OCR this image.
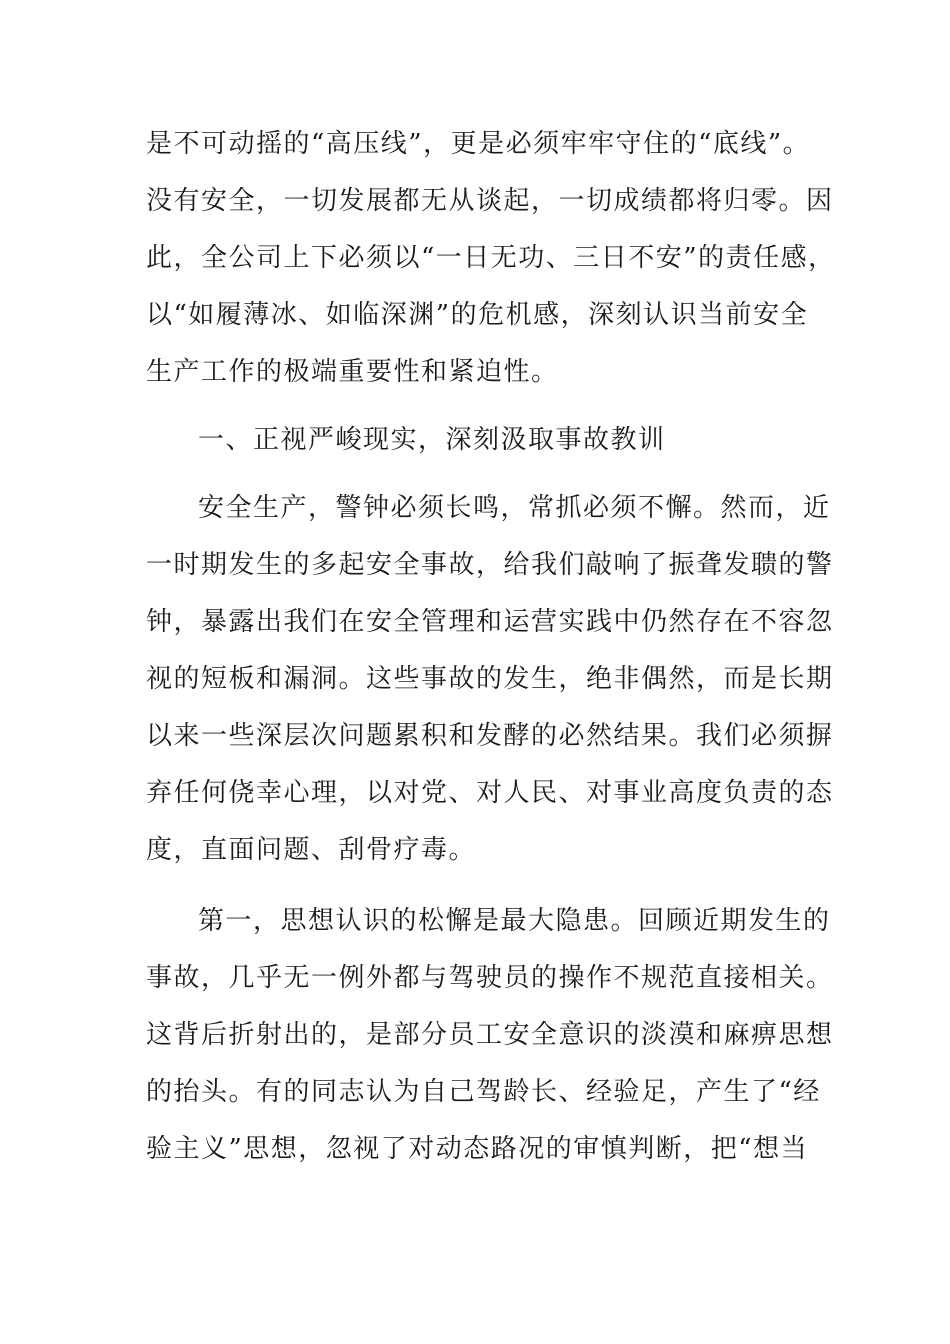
是不可动摇的“高压线”，更是必须牢牢守住的“底线”。
没有安全，一切发展都无从谈起，一切成绩都将归零。因
此，全公司上下必须以“一日无功、三日不安”的责任感，
以“如履薄冰、如临深渊”的危机感，深刻认识当前安全
生产工作的极端重要性和紧迫性。
一、正视严峻现实，深刻汲取事故教训
安全生产，警钟必须长鸣，常抓必须不懈。然而，近
一时期发生的多起安全事故，给我们敲响了振聋发聩的警
钟，暴露出我们在安全管理和运营实践中仍然存在不容忽
视的短板和漏洞。这些事故的发生，绝非偶然，而是长期
以来一些深层次问题累积和发酵的必然结果。我们必须摒
弃任何侥幸心理，以对党、对人民、对事业高度负责的态
度，直面问题、刮骨疗毒。
第一，思想认识的松懈是最大隐患。回顾近期发生的
事故，几乎无一例外都与驾驶员的操作不规范直接相关。
这背后折射出的，是部分员工安全意识的淡漠和麻痹思想
的抬头。有的同志认为自己驾龄长、经验足，产生了“经
验主义”思想，忽视了对动态路况的审慎判断，把“想当
